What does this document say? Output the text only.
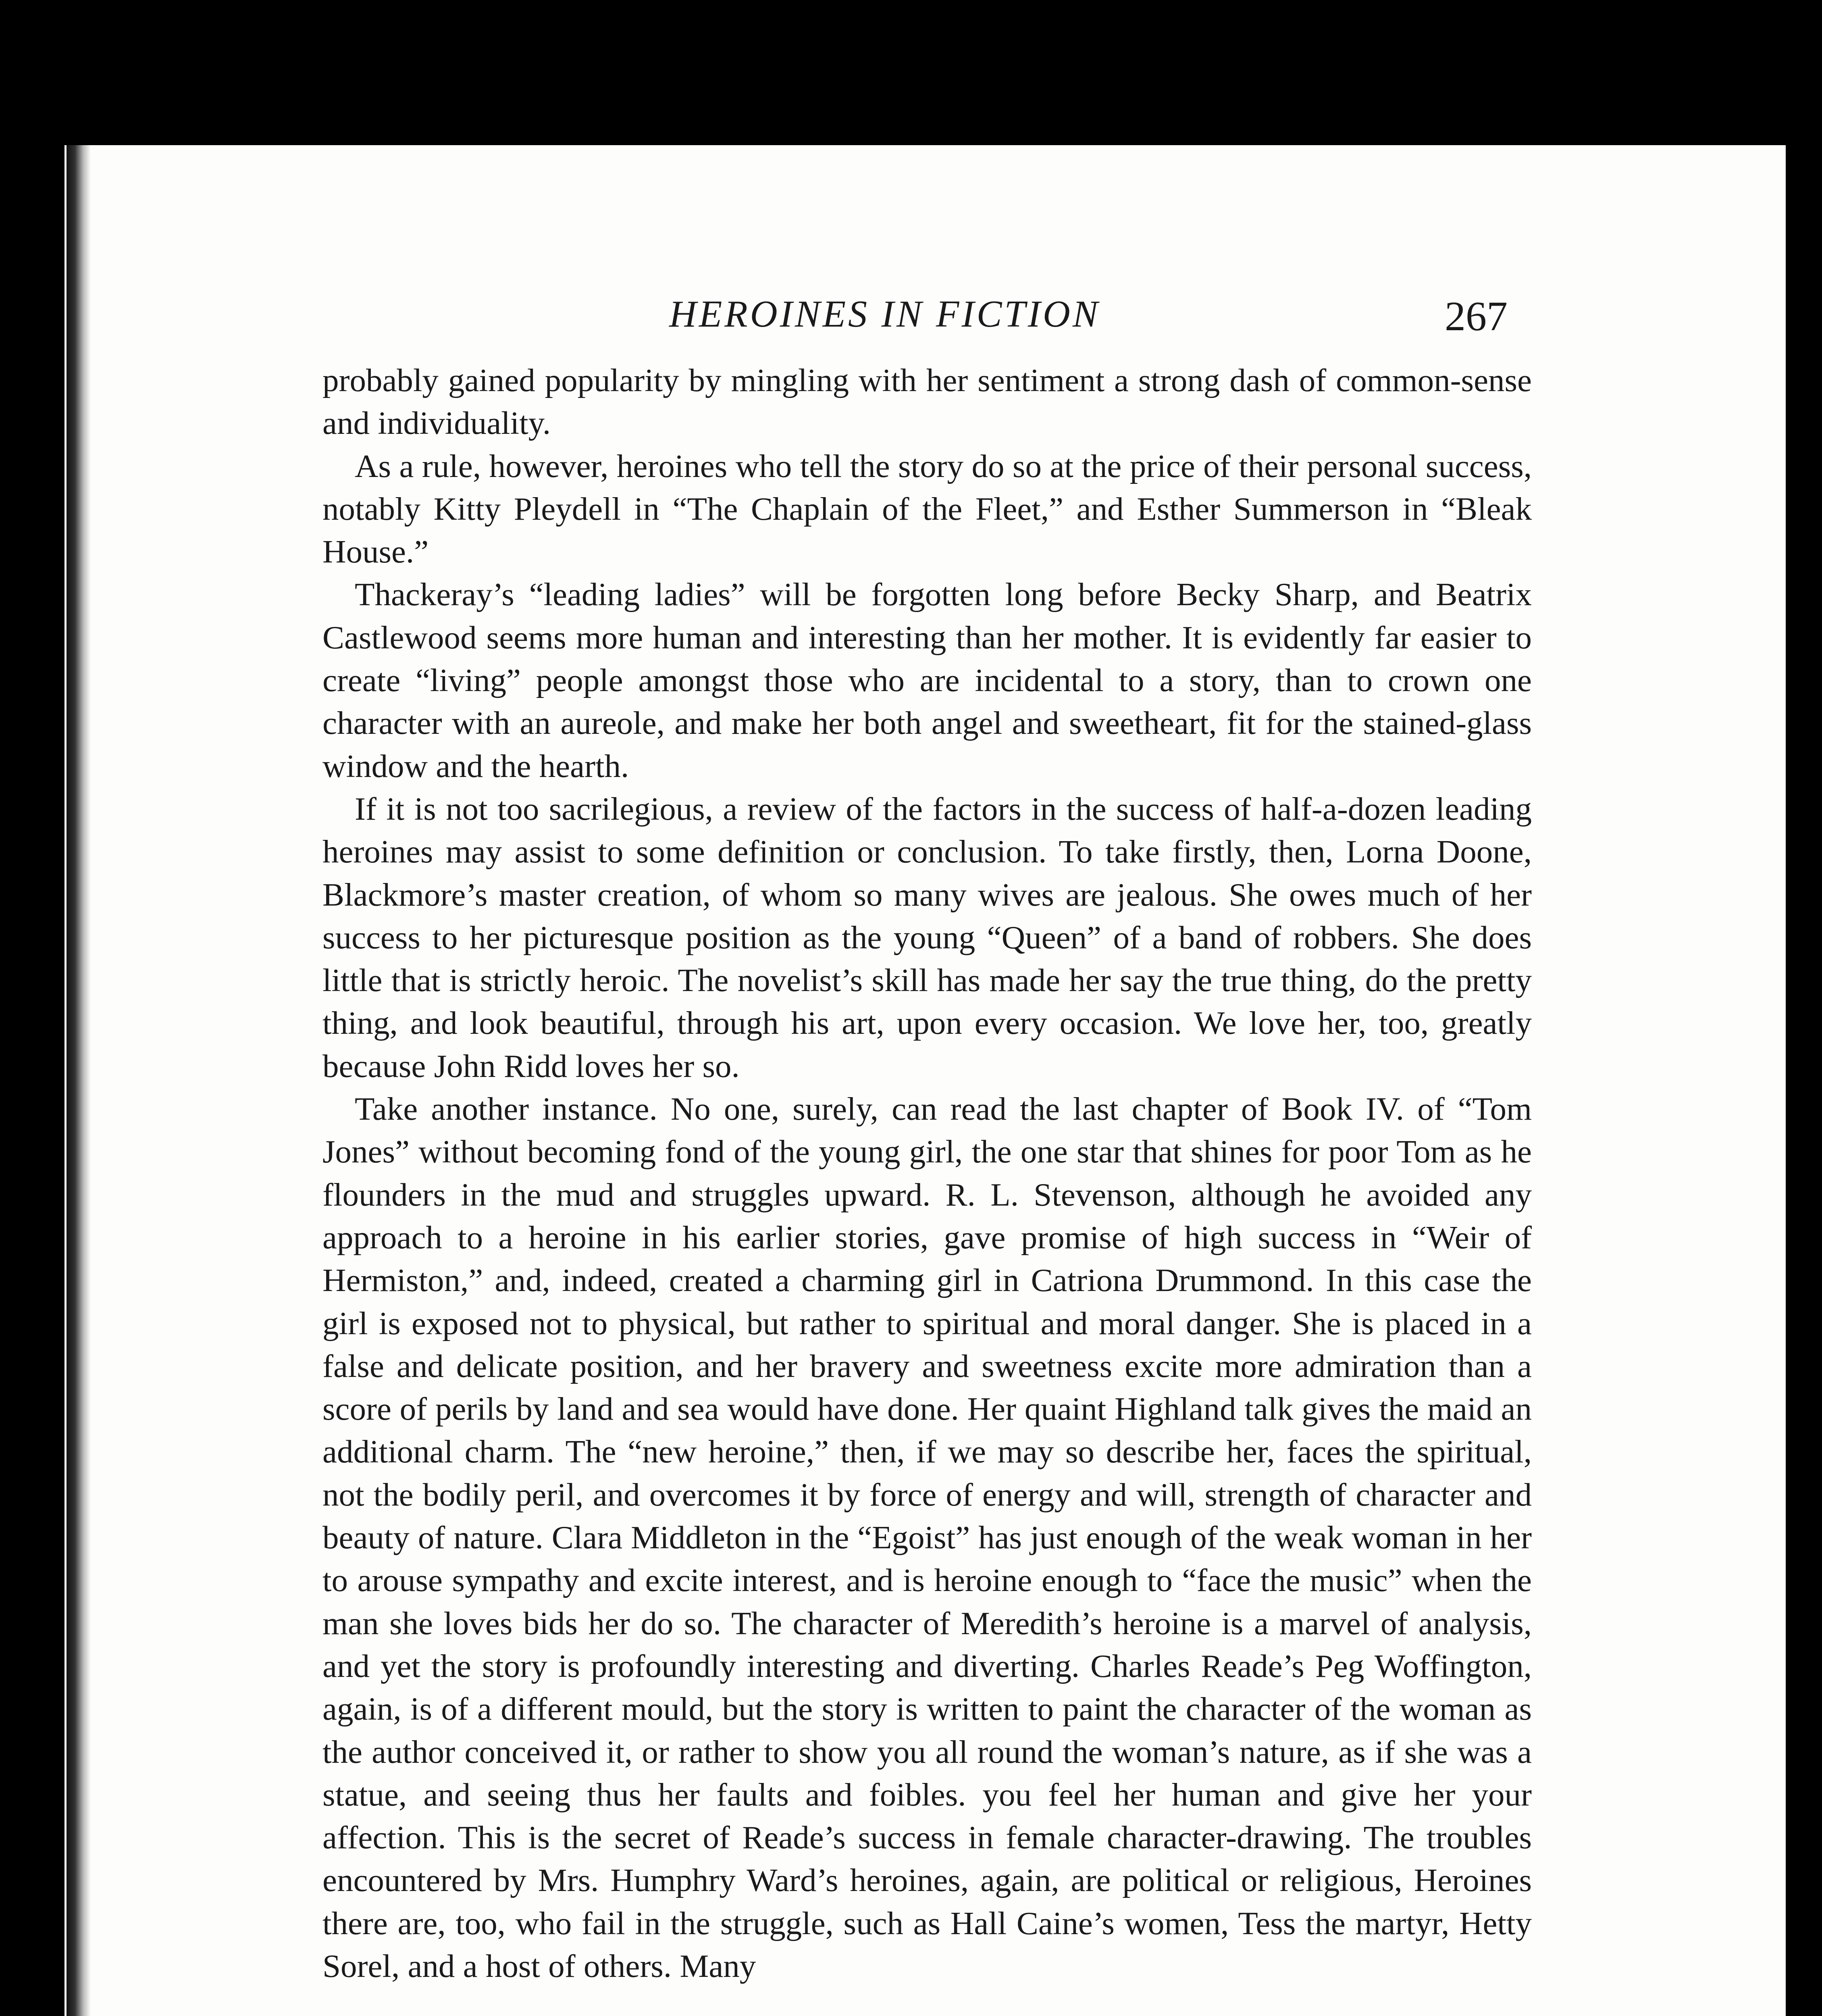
HEROINES IN FICTION	267

probably gained popularity by mingling with her sentiment a strong dash of common-sense and individuality.

As a rule, however, heroines who tell the story do so at the price of their personal success, notably Kitty Pleydell in “The Chaplain of the Fleet,” and Esther Summerson in “Bleak House.”

Thackeray’s “leading ladies” will be forgotten long before Becky Sharp, and Beatrix Castlewood seems more human and interesting than her mother. It is evidently far easier to create “living” people amongst those who are incidental to a story, than to crown one character with an aureole, and make her both angel and sweetheart, fit for the stained-glass window and the hearth.

If it is not too sacrilegious, a review of the factors in the success of half-a-dozen leading heroines may assist to some definition or conclusion. To take firstly, then, Lorna Doone, Blackmore’s master creation, of whom so many wives are jealous. She owes much of her success to her picturesque position as the young “Queen” of a band of robbers. She does little that is strictly heroic. The novelist’s skill has made her say the true thing, do the pretty thing, and look beautiful, through his art, upon every occasion. We love her, too, greatly because John Ridd loves her so.

Take another instance. No one, surely, can read the last chapter of Book IV. of “Tom Jones” without becoming fond of the young girl, the one star that shines for poor Tom as he flounders in the mud and struggles upward. R. L. Stevenson, although he avoided any approach to a heroine in his earlier stories, gave promise of high success in “Weir of Hermiston,” and, indeed, created a charming girl in Catriona Drummond. In this case the girl is exposed not to physical, but rather to spiritual and moral danger. She is placed in a false and delicate position, and her bravery and sweetness excite more admiration than a score of perils by land and sea would have done. Her quaint Highland talk gives the maid an additional charm. The “new heroine,” then, if we may so describe her, faces the spiritual, not the bodily peril, and overcomes it by force of energy and will, strength of character and beauty of nature. Clara Middleton in the “Egoist” has just enough of the weak woman in her to arouse sympathy and excite interest, and is heroine enough to “face the music” when the man she loves bids her do so. The character of Meredith’s heroine is a marvel of analysis, and yet the story is profoundly interesting and diverting. Charles Reade’s Peg Woffington, again, is of a different mould, but the story is written to paint the character of the woman as the author conceived it, or rather to show you all round the woman’s nature, as if she was a statue, and seeing thus her faults and foibles. you feel her human and give her your affection. This is the secret of Reade’s success in female character-drawing. The troubles encountered by Mrs. Humphry Ward’s heroines, again, are political or religious, Heroines there are, too, who fail in the struggle, such as Hall Caine’s women, Tess the martyr, Hetty Sorel, and a host of others. Many
